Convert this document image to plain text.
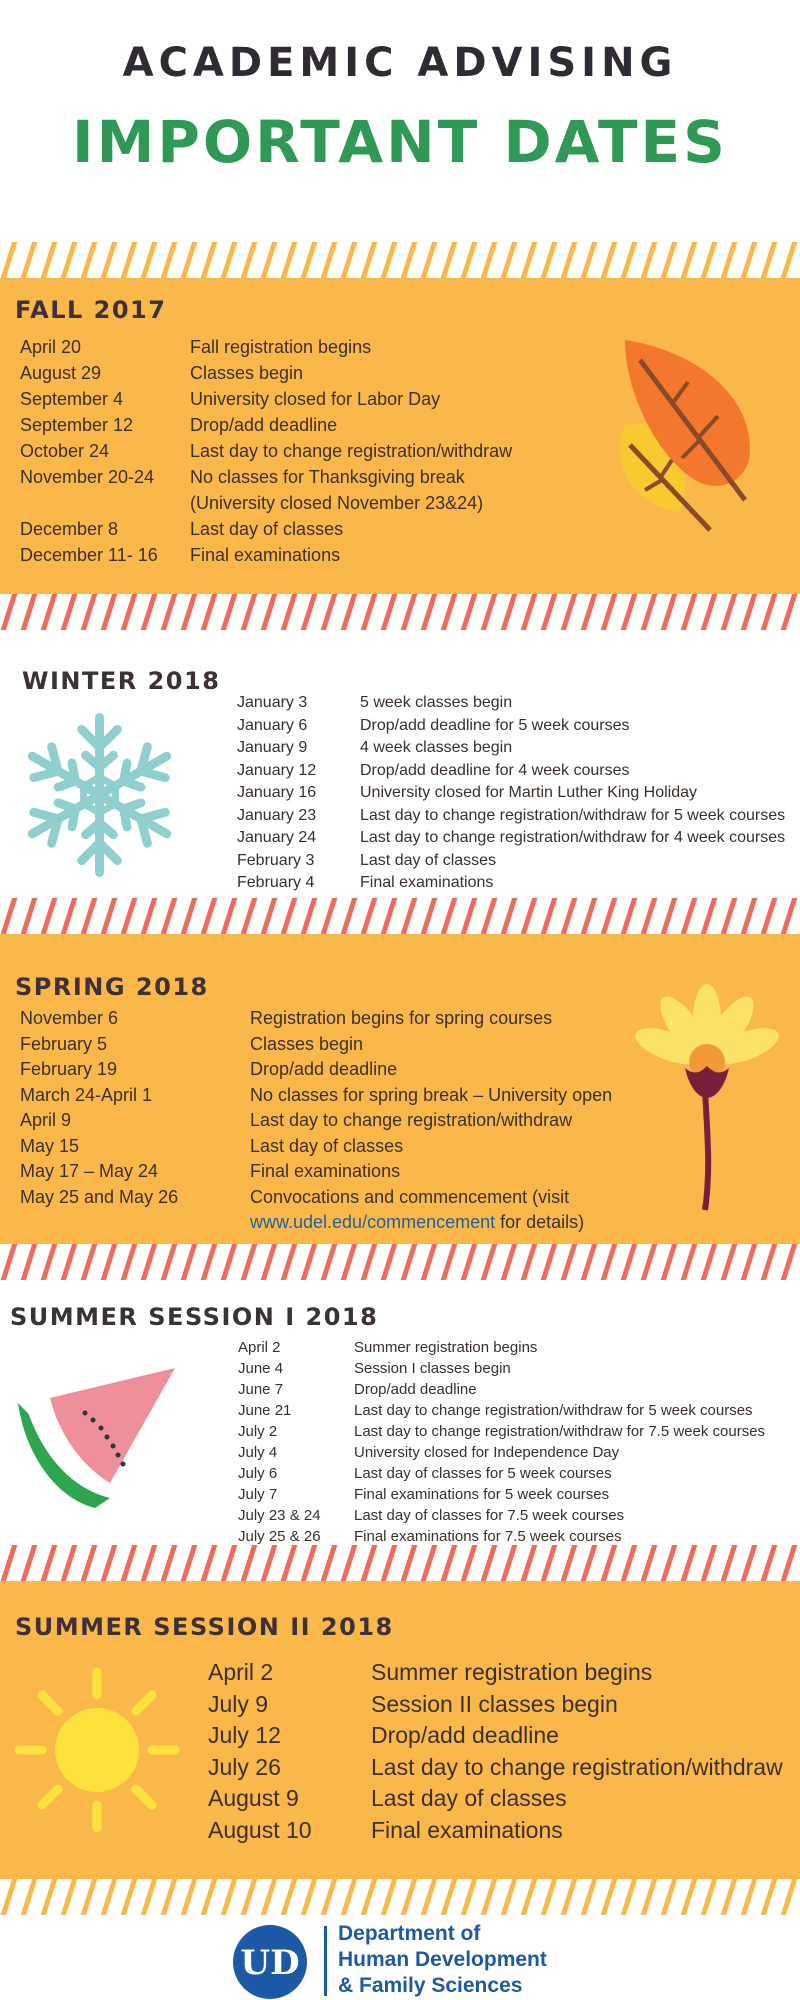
ACADEMIC ADVISING
IMPORTANT DATES
FALL 2017
April 20	Fall registration begins
August 29	Classes begin
September 4	University closed for Labor Day
September 12	Drop/add deadline
October 24	Last day to change registration/withdraw
November 20-24	No classes for Thanksgiving break
(University closed November 23&24)
December 8	Last day of classes
December 11- 16	Final examinations
WINTER 2018
January 3	5 week classes begin
January 6	Drop/add deadline for 5 week courses
January 9	4 week classes begin
January 12	Drop/add deadline for 4 week courses
January 16	University closed for Martin Luther King Holiday
January 23	Last day to change registration/withdraw for 5 week courses
January 24	Last day to change registration/withdraw for 4 week courses
February 3	Last day of classes
February 4	Final examinations
SPRING 2018
November 6	Registration begins for spring courses
February 5	Classes begin
February 19	Drop/add deadline
March 24-April 1	No classes for spring break – University open
April 9	Last day to change registration/withdraw
May 15	Last day of classes
May 17 – May 24	Final examinations
May 25 and May 26	Convocations and commencement (visit
www.udel.edu/commencement for details)
SUMMER SESSION I 2018
April 2	Summer registration begins
June 4	Session I classes begin
June 7	Drop/add deadline
June 21	Last day to change registration/withdraw for 5 week courses
July 2	Last day to change registration/withdraw for 7.5 week courses
July 4	University closed for Independence Day
July 6	Last day of classes for 5 week courses
July 7	Final examinations for 5 week courses
July 23 & 24	Last day of classes for 7.5 week courses
July 25 & 26	Final examinations for 7.5 week courses
SUMMER SESSION II 2018
April 2	Summer registration begins
July 9	Session II classes begin
July 12	Drop/add deadline
July 26	Last day to change registration/withdraw
August 9	Last day of classes
August 10	Final examinations
UD
Department of
Human Development
& Family Sciences
